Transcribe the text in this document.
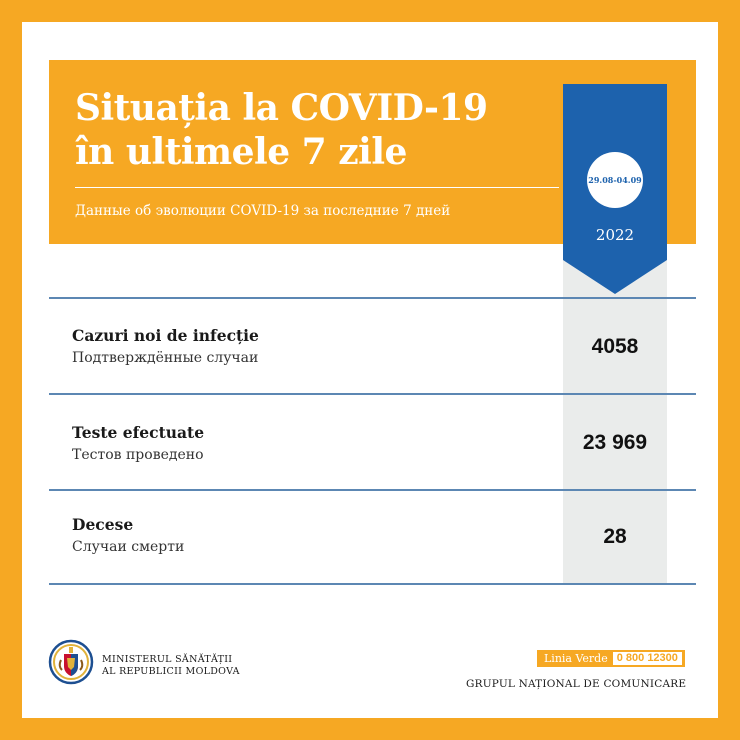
Situația la COVID-19
în ultimele 7 zile
Данные об эволюции COVID-19 за последние 7 дней
29.08-04.09
2022
Cazuri noi de infecție
Подтверждённые случаи	4058
Teste efectuate
Тестов проведено
23 969
Decese
Случаи смерти	28
MINISTERUL SĂNĂTĂȚII
AL REPUBLICII MOLDOVA
Linia Verde 0 800 12300
GRUPUL NAȚIONAL DE COMUNICARE
